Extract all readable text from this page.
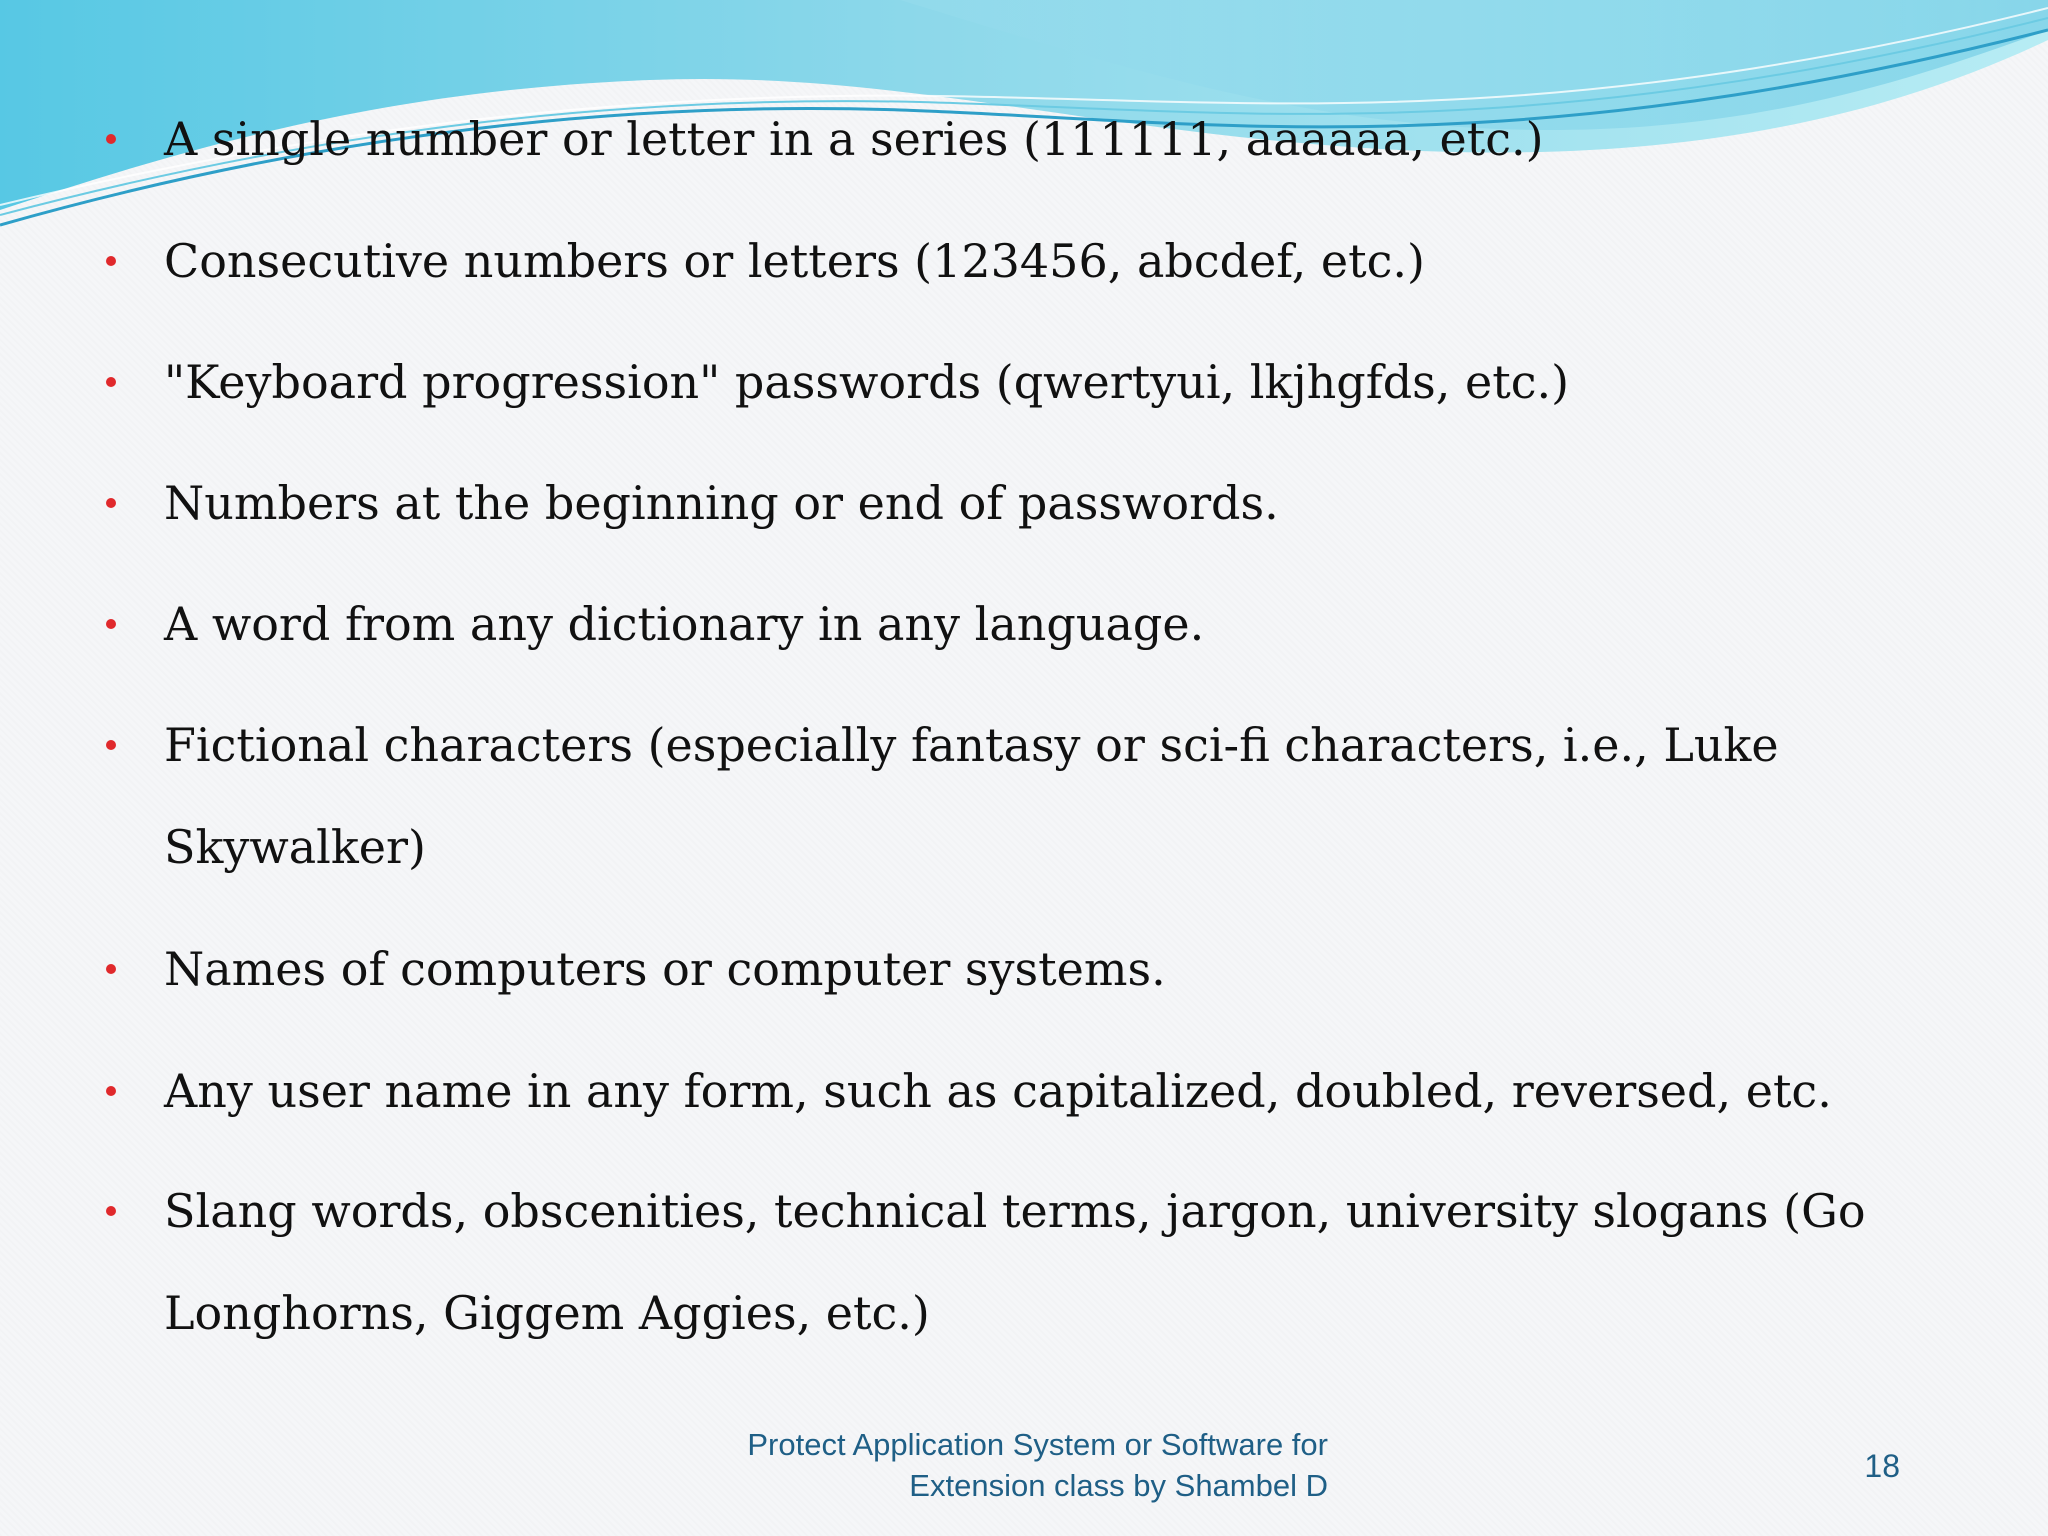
A single number or letter in a series (111111, aaaaaa, etc.)
Consecutive numbers or letters (123456, abcdef, etc.)
"Keyboard progression" passwords (qwertyui, lkjhgfds, etc.)
Numbers at the beginning or end of passwords.
A word from any dictionary in any language.
Fictional characters (especially fantasy or sci-fi characters, i.e., Luke Skywalker)
Names of computers or computer systems.
Any user name in any form, such as capitalized, doubled, reversed, etc.
Slang words, obscenities, technical terms, jargon, university slogans (Go Longhorns, Giggem Aggies, etc.)
Protect Application System or Software for
Extension class by Shambel D
18
